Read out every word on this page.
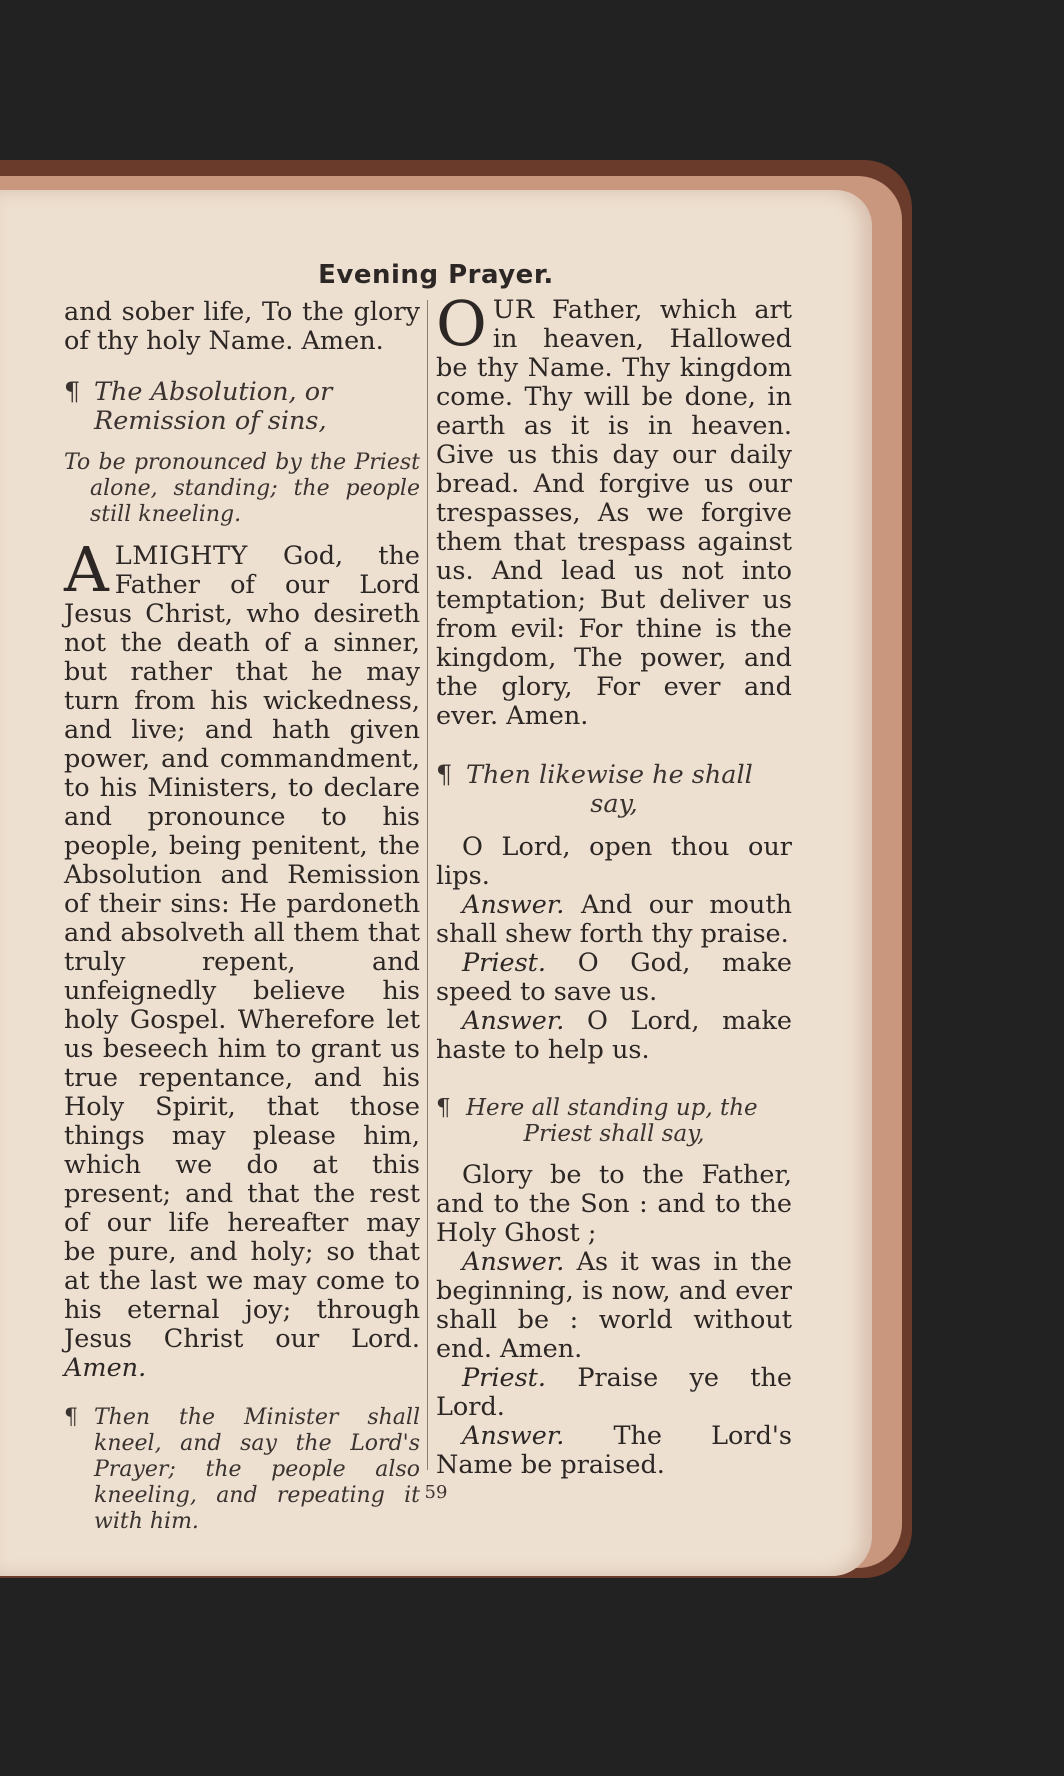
Evening Prayer.

and sober life, To the glory of thy holy Name. Amen.

¶ The Absolution, or Remission of sins,

To be pronounced by the Priest alone, standing; the people still kneeling.

ALMIGHTY God, the Father of our Lord Jesus Christ, who desireth not the death of a sinner, but rather that he may turn from his wickedness, and live; and hath given power, and commandment, to his Ministers, to declare and pronounce to his people, being penitent, the Absolution and Remission of their sins: He pardoneth and absolveth all them that truly repent, and unfeignedly believe his holy Gospel. Wherefore let us beseech him to grant us true repentance, and his Holy Spirit, that those things may please him, which we do at this present; and that the rest of our life hereafter may be pure, and holy; so that at the last we may come to his eternal joy; through Jesus Christ our Lord. Amen.

¶ Then the Minister shall kneel, and say the Lord's Prayer; the people also kneeling, and repeating it with him.

OUR Father, which art in heaven, Hallowed be thy Name. Thy kingdom come. Thy will be done, in earth as it is in heaven. Give us this day our daily bread. And forgive us our trespasses, As we forgive them that trespass against us. And lead us not into temptation; But deliver us from evil: For thine is the kingdom, The power, and the glory, For ever and ever. Amen.

¶ Then likewise he shall
say,

O Lord, open thou our lips.

Answer. And our mouth shall shew forth thy praise.

Priest. O God, make speed to save us.

Answer. O Lord, make haste to help us.

¶ Here all standing up, the
Priest shall say,

Glory be to the Father, and to the Son : and to the Holy Ghost ;

Answer. As it was in the beginning, is now, and ever shall be : world without end. Amen.

Priest. Praise ye the Lord.

Answer. The Lord's Name be praised.

59
